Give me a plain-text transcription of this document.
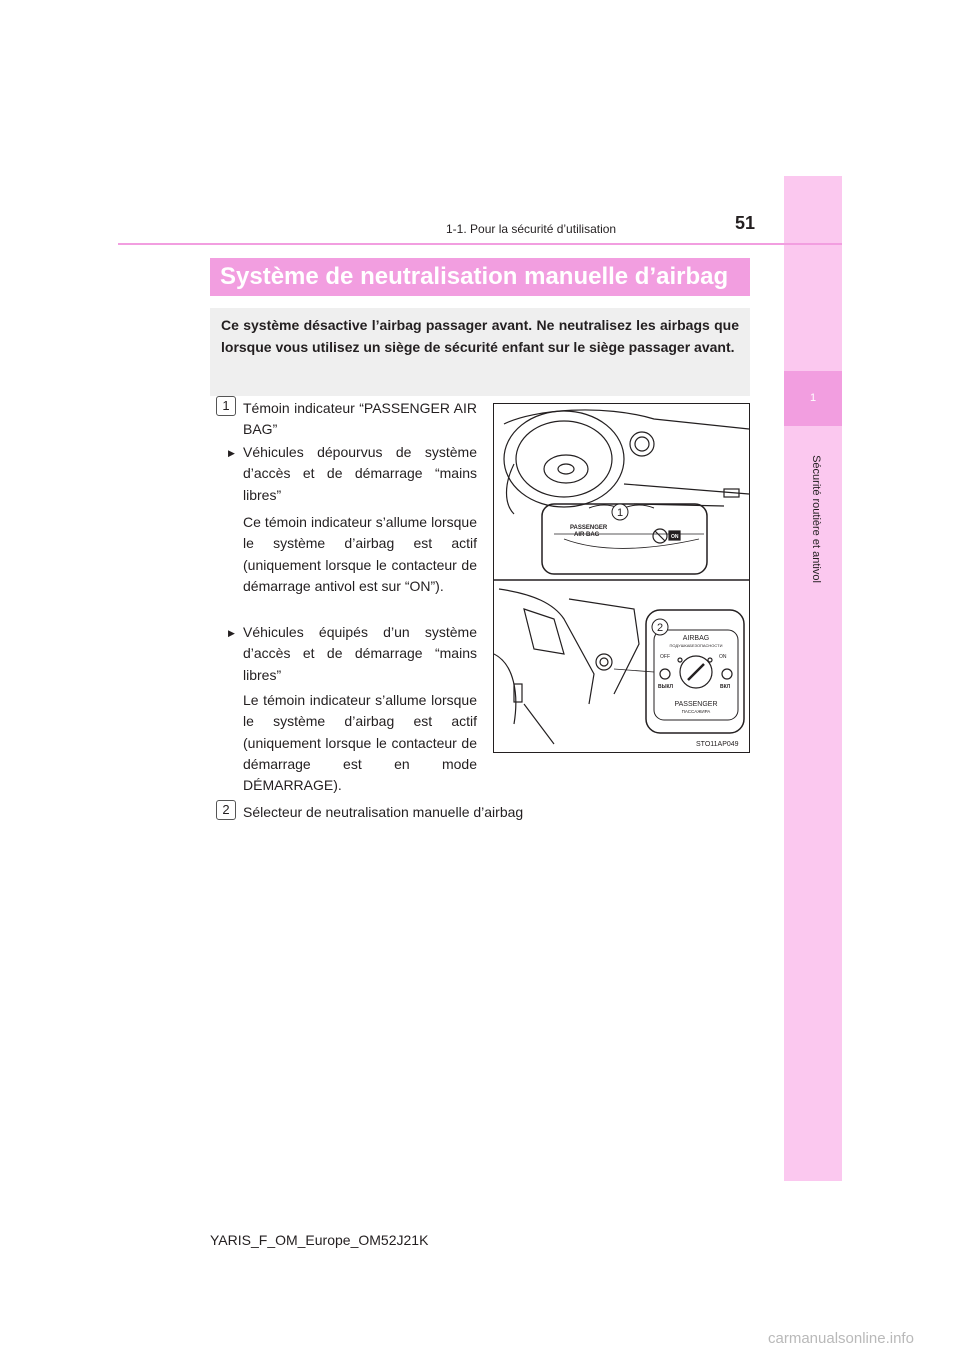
1
Sécurité routière et antivol
1-1. Pour la sécurité d’utilisation	51
Système de neutralisation manuelle d’airbag
Ce système désactive l’airbag passager avant. Ne neutralisez les airbags que lorsque vous utilisez un siège de sécurité enfant sur le siège passager avant.
1 Témoin indicateur “PASSENGER AIR BAG”
▶ Véhicules dépourvus de système d’accès et de démarrage “mains libres”
Ce témoin indicateur s’allume lorsque le système d’airbag est actif (uniquement lorsque le contacteur de démarrage antivol est sur “ON”).
▶ Véhicules équipés d’un système d’accès et de démarrage “mains libres”
Le témoin indicateur s’allume lorsque le système d’airbag est actif (uniquement lorsque le contacteur de démarrage est en mode DÉMARRAGE).
2 Sélecteur de neutralisation manuelle d’airbag
1
2
PASSENGER
AIR BAG	ON
AIRBAG
ПОДУШКАБЕЗОПАСНОСТИ
OFF	ON
ВЫКЛ	ВКЛ
PASSENGER
ПАССАЖИРА
STO11AP049
YARIS_F_OM_Europe_OM52J21K
carmanualsonline.info
